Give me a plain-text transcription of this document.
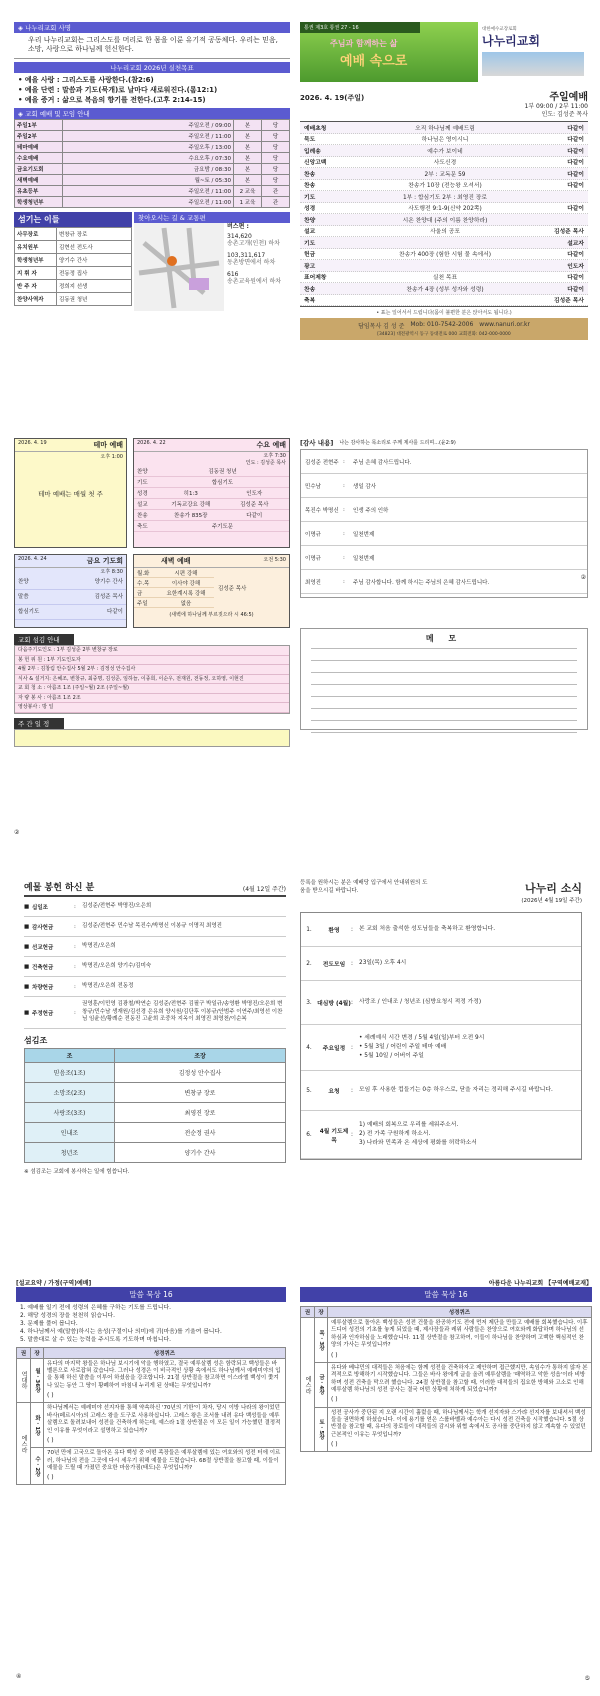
◈ 나누리교회 사명
우리 나누리교회는 그리스도를 머리로 한 몸을 이룬 유기적 공동체다. 우리는 믿음, 소망, 사랑으로 하나님께 헌신한다.
나누리교회 2026년 실천목표
• 예을 사랑 : 그리스도를 사랑한다.(참2:6)
• 예을 단련 : 말씀과 기도(묵개)로 날마다 새로워진다.(롬12:1)
• 예을 증거 : 삶으로 복음의 향기를 전한다.(고후 2:14-15)
◈ 교회 예배 및 모임 안내
주일1부	주일오전 / 09:00	본	당
주일2부	주일오전 / 11:00	본	당
테마예배	주일오후 / 13:00	본	당
수요예배	수요오후 / 07:30	본	당
금요기도회	금요밤 / 08:30	본	당
새벽예배	월~토 / 05:30	본	당
유초등부	주일오전 / 11:00	2 교육	관
학생청년부	주일오전 / 11:00	1 교육	관
섬기는 이들
사무장로	변창규 장로
유치원부	김현선 전도사
학생청년부	양기수 간사
지 휘 자	전동정 집사
반 주 자	정희지 선생
찬양사역자	김동권 청년
찾아오시는 길 & 교통편
버스편 :
314,620
송촌고개(인천) 하차
103,311,617
동촌방면에서 하차
616
송촌교육원에서 하차
통권 제3호 통권 27 - 16
주님과 함께하는 삶
예배 속으로
대한예수교장로회
나누리교회
2026. 4. 19(주일)	주일예배
1부 09:00 / 2부 11:00
인도: 김성준 목사
예배초청	오직 하나님께 예배드림	다같이
묵도	하나님은 영이시니	다같이
입례송	예수가 보이네	다같이
신앙고백	사도신경	다같이
찬송	2부 : 교독문 59	다같이
찬송	찬송가 10장 (전능왕 오셔서)	다같이
기도	1부 : 합심기도 2부 : 최영진 장로
성경	사도행전 9:1-9(신약 202쪽)	다같이
찬양	시온 찬양대 (주의 이름 찬양하라)
설교	사울의 공포	김성준 목사
기도	설교자
헌금	찬송가 400장 (험한 시험 물 속에서)	다같이
광고	인도자
표어제창	실천 목표	다같이
찬송	찬송가 4장 (성부 성자와 성령)	다같이
축복	김성준 목사
• 표는 일어서서 드립니다(몸이 불편한 분은 앉아서도 됩니다.)
담임목사 김 성 준 Mob: 010-7542-2006 www.nanuri.or.kr
[34823] 대전광역시 동구 동대전로 000 교회전화: 042-000-0000
2026. 4. 19	테마 예배
오후 1:00
테마 예배는 매월 첫 주
2026. 4. 22	수요 예배
오후 7:30
인도 : 김성준 목사
찬양	김동권 청년
기도	합심기도
성경	히1:3	인도자
설교	기독교강요 강해	김성준 목사
찬송	찬송가 835장	다같이
축도	주기도문
2026. 4. 24	금요 기도회
오후 8:30
찬양	양기수 간사
말씀	김성준 목사
합심기도	다같이
새벽 예배	오전 5:30
월.화	시편 강해
수.목	이사야 강해
금	요한계시록 강해
주일	없음
김성준 목사
(새벽에 하나님께 부르짖으라 시 46:5)
교회 섬김 안내
다음주기도인도 : 1부 김성준 2부 변창규 장로
봉 헌 위 원 : 1부 기도인도자
4월 2부 : 김창림 안수집사 5월 2부 : 김정성 안수집사
식사 & 설거지: 은혜조, 변창규, 최중명, 김성준, 임하늘, 이종희, 이순우, 전재원, 전동정, 오하영, 이현진
교 회 청 소 : 아름조 1조 (주일~월) 2조 (주일~월)
자 량 봉 사 : 아름조 1조 2조
영상봉사 : 방 일
주 간 일 정
②
[감사 내용] 나는 감사하는 목소리로 주께 제사를 드리며...(윤2:9)
김성준 전현주 :	주님 은혜 감사드립니다.
민수남	:	생일 감사
목진수 박명신 :	인생 주의 인하
이명규	:	일천번제
이명규	:	일천번제
최영진	:	주님 감사합니다. 함께 하시는 주님의 은혜 감사드립니다.
메 모
②
예물 봉헌 하신 분	(4월 12일 주간)
■ 십일조	:	김성준/전현주 박명진/오은희
■ 감사헌금	:	김성준/전현주 민수남 목진수/박명신 이봉규 이명직 최영진
■ 선교헌금	:	박명진/오은희
■ 건축헌금	:	박명진/오은희 양기수/김미숙
■ 차량헌금	:	박명진/오은희 전동정
■ 주정헌금	:
권영훈/이민영 김광철/박연순 김성준/전현주 김필구 박일규/송영환 박명진/오은희 변창규/민수남 생재원/김선경 은유희 양시원/김단후 이봉규/안범주 이연주/최영선 이찬님 임윤선/황례순 전동진 고윤희 조중차 지옥이 최영진 최영천/이순복
섬김조
조	조장
믿음조(1조)	김정성 안수집사
소망조(2조)	변창규 장로
사랑조(3조)	최영진 장로
인내조	전순정 권사
청년조	양기수 간사
※ 섬김조는 교회에 봉사하는 일에 힘씁니다.
등록을 원하시는 분은 예배당 입구에서 안내위원의 도움을 받으시길 바랍니다.	나누리 소식
(2026년 4월 19일 주간)
1.	환영	:	본 교회 처음 출석한 성도님들을 축복하고 환영합니다.
2.	전도모임 :	23일(목) 오후 4시
3. 대심방 (4월) :	사랑조 / 인내조 / 청년조 (심방요청시 적정 가정)
4.	주요일정 :
• 세례예식 시간 변경 / 5월 4일(일)부터 오전 9시
• 5월 3일 / 어린이 주일 테마 예배
• 5월 10일 / 어버이 주일
5.	요청	:	모임 후 사용한 컵들기는 0층 하우스로, 닫을 자리는 정리해 주시길 바랍니다.
6.	4월 기도제목
:
1) 예배의 회복으로 우리를 세워주소서.
2) 전 가족 구원하게 하소서.
3) 나라와 민족과 온 세상에 평화를 허락하소서
[설교요약 / 가정(구역)예배]
말씀 묵상 16
1. 예배를 일기 전에 성령의 은혜를 구하는 기도를 드립니다.
2. 해당 성경의 장을 천천히 읽습니다.
3. 문제를 풀어 봅니다.
4. 하나님께서 예(말씀)하시는 음성(구절이나 의미)에 귀(마음)를 기울여 봅니다.
5. 말씀대로 살 수 있는 능력을 주시도록 기도하며 마칩니다.
권	장	성경퀴즈
역대하	월 · 36장	유다의 마지막 왕들은 하나님 보시기에 악을 행하였고, 결국 예루살렘 성은 함락되고 백성들은 바벨론으로 사로잡혀 갔습니다. 그러나 성경은 이 비극적인 상황 속에서도 하나님께서 예레미야의 입을 통해 하신 말씀을 이루어 하셨음을 강조합니다. 21절 상반절을 참고하면 이스라엘 백성이 쫓겨나 있는 동안 그 땅이 황폐하여 마침내 누리게 된 상태는 무엇입니까?
( )

에스라	화 · 1장	하나님께서는 예레미야 선지자를 통해 약속하신 '70년의 기한'이 차자, 당시 이방 나라의 왕이었던 바사(페르시아)의 고레스 왕을 도구로 사용하십니다. 고레스 왕은 조서를 내려 유다 백성들을 예루살렘으로 돌려보내어 성전을 건축하게 하는데, 예스라 1절 상반절은 이 모든 일이 가능했던 결정적인 이유를 무엇이라고 설명하고 있습니까?
( )

	수 · 2장	70년 만에 고국으로 돌아온 유다 백성 중 어떤 족장들은 예루살렘에 있는 여호와의 성전 터에 이르러, 하나님의 전을 그곳에 다시 세우기 위해 예물을 드렸습니다. 68절 상반절을 참고할 때, 이들이 예물을 드릴 때 가졌던 중요한 마음가짐(태도)은 무엇입니까?
( )
④
아름다운 나누리교회 【구역예배교재】
말씀 묵상 16
권	장	성경퀴즈
에스라	목 · 3장	예루살렘으로 돌아온 백성들은 성전 건물을 완공하기도 전에 먼저 제단을 만들고 예배를 회복했습니다. 이후 드디어 성전의 기초를 놓게 되었을 때, 제사장들과 레위 사람들은 찬양으로 여호와께 화답하며 하나님의 선하심과 인자하심을 노래했습니다. 11절 상반절을 참고하여, 이들이 하나님을 찬양하며 고백한 핵심적인 찬양의 가사는 무엇입니까?
( )

	금 · 4장	유다와 베냐민의 대적들은 처음에는 함께 성전을 건축하자고 제안하며 접근했지만, 속임수가 통하지 않자 본격적으로 방해하기 시작했습니다. 그들은 바사 왕에게 글을 올려 예루살렘을 '패역하고 악한 성읍'이라 비방하며 성전 건축을 막으려 했습니다. 24절 상반절을 참고할 때, 이러한 대적들의 집요한 방해와 고소로 인해 예루살렘 하나님의 성전 공사는 결국 어떤 상황에 처하게 되었습니까?
( )

	토 · 5장	성전 공사가 중단된 지 오랜 시간이 흘렀을 때, 하나님께서는 학개 선지자와 스가랴 선지자를 보내셔서 백성들을 권면하게 하셨습니다. 이에 용기를 얻은 스룹바벨과 예수아는 다시 성전 건축을 시작했습니다. 5절 상반절을 참고할 때, 유다의 장로들이 대적들의 감시와 위협 속에서도 공사를 중단하지 않고 계속할 수 있었던 근본적인 이유는 무엇입니까?
( )
⑤
